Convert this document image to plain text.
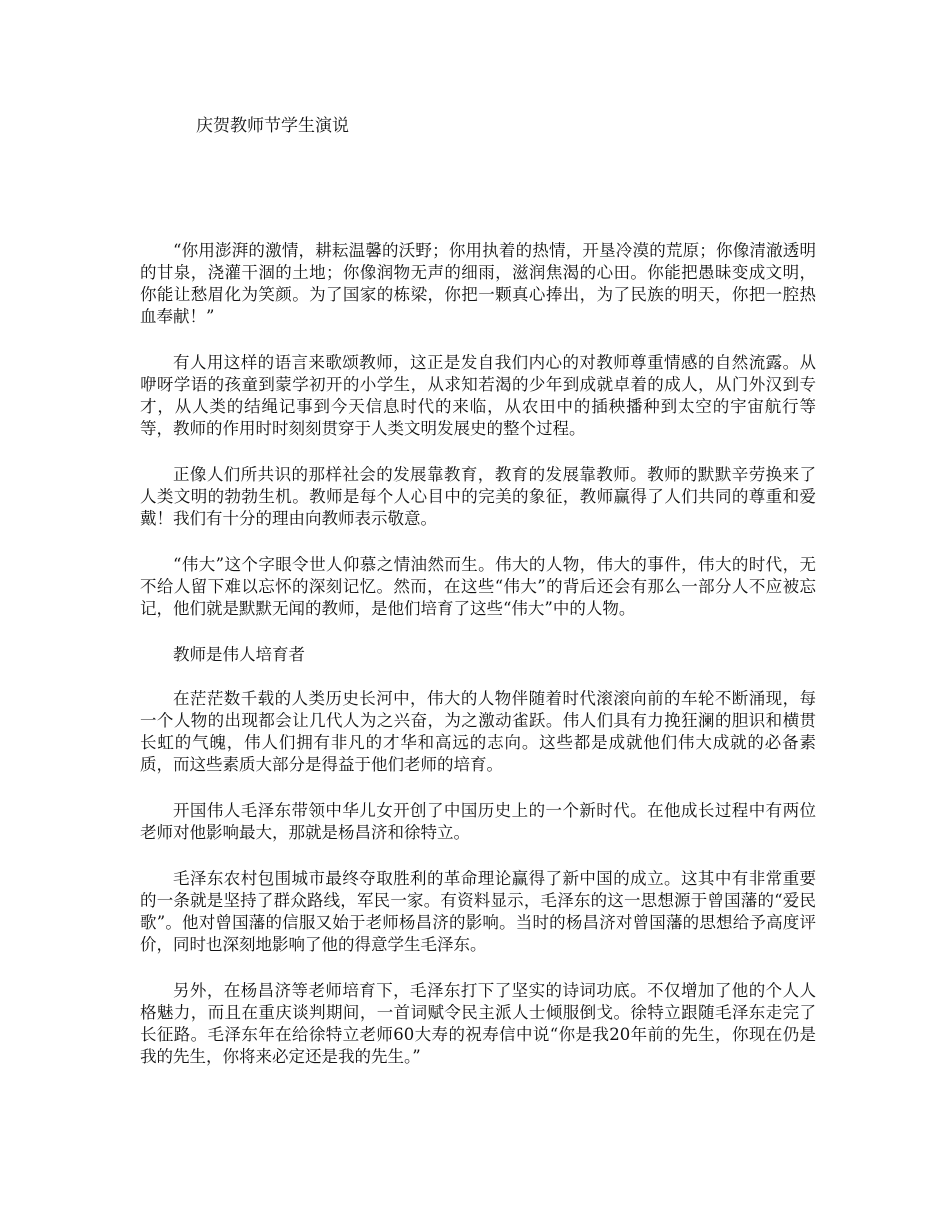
庆贺教师节学生演说

“你用澎湃的激情，耕耘温馨的沃野；你用执着的热情，开垦冷漠的荒原；你像清澈透明的甘泉，浇灌干涸的土地；你像润物无声的细雨，滋润焦渴的心田。你能把愚昧变成文明，你能让愁眉化为笑颜。为了国家的栋梁，你把一颗真心捧出，为了民族的明天，你把一腔热血奉献！”

有人用这样的语言来歌颂教师，这正是发自我们内心的对教师尊重情感的自然流露。从咿呀学语的孩童到蒙学初开的小学生，从求知若渴的少年到成就卓着的成人，从门外汉到专才，从人类的结绳记事到今天信息时代的来临，从农田中的插秧播种到太空的宇宙航行等等，教师的作用时时刻刻贯穿于人类文明发展史的整个过程。

正像人们所共识的那样社会的发展靠教育，教育的发展靠教师。教师的默默辛劳换来了人类文明的勃勃生机。教师是每个人心目中的完美的象征，教师赢得了人们共同的尊重和爱戴！我们有十分的理由向教师表示敬意。

“伟大”这个字眼令世人仰慕之情油然而生。伟大的人物，伟大的事件，伟大的时代，无不给人留下难以忘怀的深刻记忆。然而，在这些“伟大”的背后还会有那么一部分人不应被忘记，他们就是默默无闻的教师，是他们培育了这些“伟大”中的人物。

教师是伟人培育者

在茫茫数千载的人类历史长河中，伟大的人物伴随着时代滚滚向前的车轮不断涌现，每一个人物的出现都会让几代人为之兴奋，为之激动雀跃。伟人们具有力挽狂澜的胆识和横贯长虹的气魄，伟人们拥有非凡的才华和高远的志向。这些都是成就他们伟大成就的必备素质，而这些素质大部分是得益于他们老师的培育。

开国伟人毛泽东带领中华儿女开创了中国历史上的一个新时代。在他成长过程中有两位老师对他影响最大，那就是杨昌济和徐特立。

毛泽东农村包围城市最终夺取胜利的革命理论赢得了新中国的成立。这其中有非常重要的一条就是坚持了群众路线，军民一家。有资料显示，毛泽东的这一思想源于曾国藩的“爱民歌”。他对曾国藩的信服又始于老师杨昌济的影响。当时的杨昌济对曾国藩的思想给予高度评价，同时也深刻地影响了他的得意学生毛泽东。

另外，在杨昌济等老师培育下，毛泽东打下了坚实的诗词功底。不仅增加了他的个人人格魅力，而且在重庆谈判期间，一首词赋令民主派人士倾服倒戈。徐特立跟随毛泽东走完了长征路。毛泽东年在给徐特立老师60大寿的祝寿信中说“你是我20年前的先生，你现在仍是我的先生，你将来必定还是我的先生。”
